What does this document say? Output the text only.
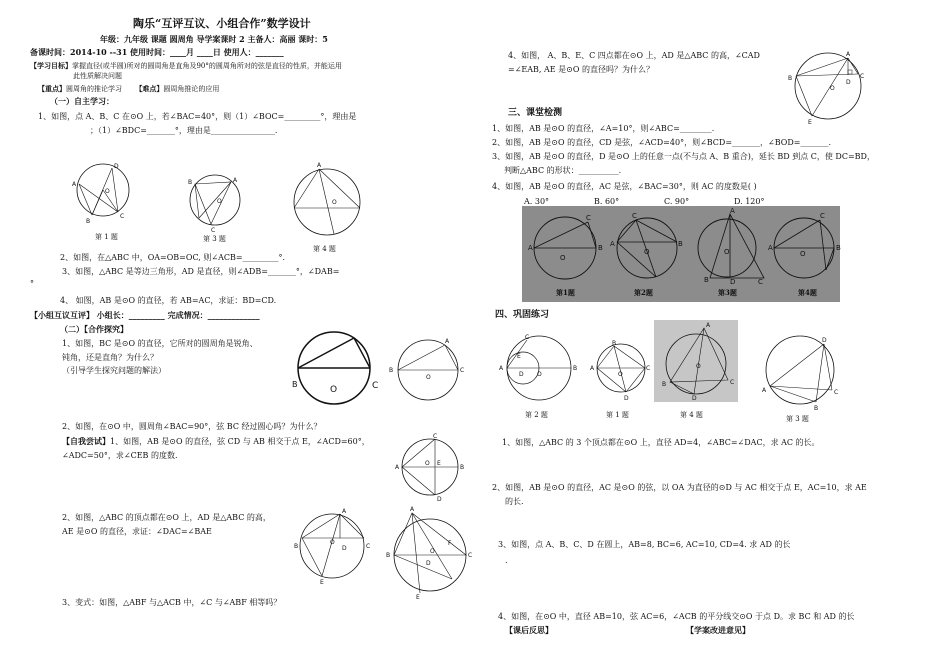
陶乐“互评互议、小组合作”数学设计
年级：九年级 课题 圆周角 导学案课时 2 主备人：高丽 课时：5
备课时间：2014-10 --31 使用时间：____月 ____日 使用人：_______
【学习目标】掌握直径(或半圆)所对的圆周角是直角及90°的圆周角所对的弦是直径的性质，并能运用
此性质解决问题
【重点】圆周角的推论学习 【难点】圆周角推论的应用
（一）自主学习：
1、如图，点 A、B、C 在⊙O 上，若∠BAC=40°，则（1）∠BOC=_________°，理由是
；（1）∠BDC=_______°，理由是________________.
A
B
C
D
O
第 1 题
B	A
C
O
第 3 题
A
O
第 4 题
2、如图，在△ABC 中，OA=OB=OC, 则∠ACB=_________°.
3、如图，△ABC 是等边三角形，AD 是直径，则∠ADB=_______°，∠DAB=
°
4、 如图，AB 是⊙O 的直径，若 AB=AC，求证：BD=CD.
【小组互议互评】 小组长：_________ 完成情况：_____________
（二）【合作探究】
1、如图，BC 是⊙O 的直径，它所对的圆周角是锐角、
钝角，还是直角？为什么？
（引导学生探究问题的解法）
B	C
O
B	C
A
O
2、如图，在⊙O 中，圆周角∠BAC=90°，弦 BC 经过圆心吗？为什么？
【自我尝试】1、如图，AB 是⊙O 的直径，弦 CD 与 AB 相交于点 E，∠ACD=60°，
∠ADC=50°，求∠CEB 的度数.
A	B
C
D
O E
2、如图，△ABC 的顶点都在⊙O 上，AD 是△ABC 的高，
AE 是⊙O 的直径，求证：∠DAC=∠BAE
B	C
A
D
E
O
A
B	C
F
E
D
O
3、变式：如图，△ABF 与△ACB 中，∠C 与∠ABF 相等吗？
4、如图， A、B、E、C 四点都在⊙O 上，AD 是△ABC 的高，∠CAD
=∠EAB, AE 是⊙O 的直径吗？为什么？
B	C
A
D
E
O
三、课堂检测
1、如图，AB 是⊙O 的直径，∠A=10°，则∠ABC=________.
2、如图，AB 是⊙O 的直径，CD 是弦，∠ACD=40°，则∠BCD=_______，∠BOD=_______.
3、如图，AB 是⊙O 的直径，D 是⊙O 上的任意一点(不与点 A、B 重合)，延长 BD 到点 C，使 DC=BD，
判断△ABC 的形状：__________.
4、如图，AB 是⊙O 的直径，AC 是弦，∠BAC=30°，则 AC 的度数是( )
A. 30°	B. 60°	C. 90°	D. 120°
A	B
C
O
C
A	B
O
A
B	C
D
O	A	B
C
O
第1题	第2题	第3题	第4题
四、巩固练习
A	B
C
E
D O
A	C
B
D
O
A
B	C
D
O
A
D
C
B
第 2 题	第 1 题	第 4 题	第 3 题
1、如图，△ABC 的 3 个顶点都在⊙O 上，直径 AD=4，∠ABC=∠DAC，求 AC 的长。
2、如图，AB 是⊙O 的直径，AC 是⊙O 的弦，以 OA 为直径的⊙D 与 AC 相交于点 E，AC=10，求 AE
的长.
3、如图，点 A、B、C、D 在圆上，AB=8, BC=6, AC=10, CD=4. 求 AD 的长
.
4、如图，在⊙O 中，直径 AB=10，弦 AC=6，∠ACB 的平分线交⊙O 于点 D。求 BC 和 AD 的长
【课后反思】	【学案改进意见】
